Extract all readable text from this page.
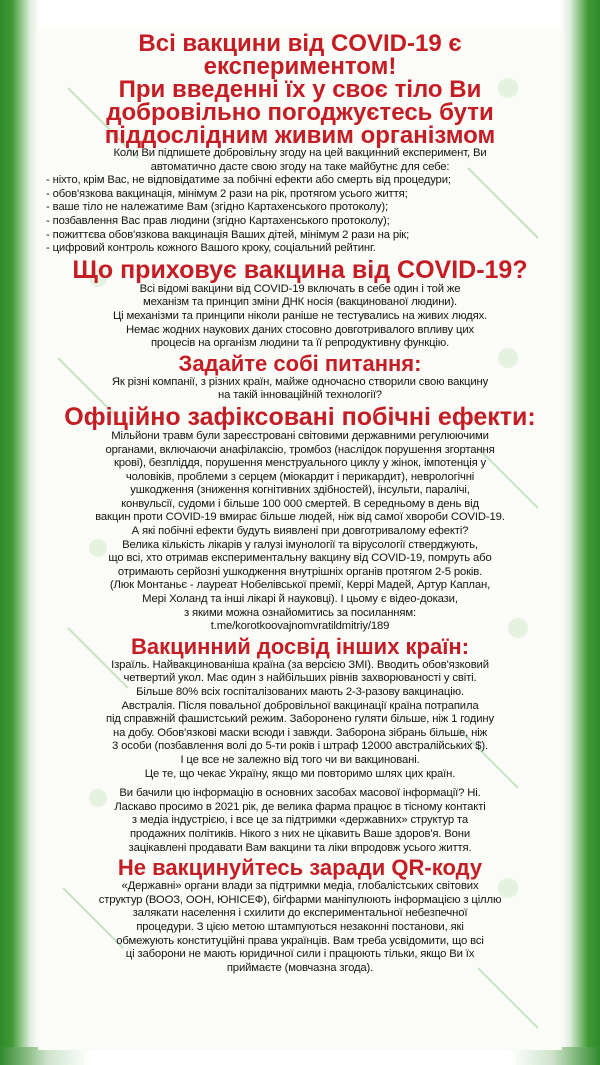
Всі вакцини від COVID-19 є експериментом!

При введенні їх у своє тіло Ви

добровільно погоджуєтесь бути

піддослідним живим організмом

Коли Ви підпишете добровільну згоду на цей вакцинний експеримент, Ви

автоматично дасте свою згоду на таке майбутнє для себе:

- ніхто, крім Вас, не відповідатиме за побічні ефекти або смерть від процедури;

- обов'язкова вакцинація, мінімум 2 рази на рік, протягом усього життя;

- ваше тіло не належатиме Вам (згідно Картахенського протоколу);

- позбавлення Вас прав людини (згідно Картахенського протоколу);

- пожиттєва обов'язкова вакцинація Ваших дітей, мінімум 2 рази на рік;

- цифровий контроль кожного Вашого кроку, соціальний рейтинг.

Що приховує вакцина від COVID-19?

Всі відомі вакцини від COVID-19 включать в себе один і той же

механізм та принцип зміни ДНК носія (вакцинованої людини).

Ці механізми та принципи ніколи раніше не тестувались на живих людях.

Немає жодних наукових даних стосовно довготривалого впливу цих

процесів на організм людини та її репродуктивну функцію.

Задайте собі питання:

Як різні компанії, з різних країн, майже одночасно створили свою вакцину

на такій інноваційній технології?

Офіційно зафіксовані побічні ефекти:

Мільйони травм були зареєстровані світовими державними регулюючими

органами, включаючи анафілаксію, тромбоз (наслідок порушення згортання

крові), безпліддя, порушення менструального циклу у жінок, імпотенція у

чоловіків, проблеми з серцем (міокардит і перикардит), неврологічні

ушкодження (зниження когнітивних здібностей), інсульти, паралічі,

конвульсії, судоми і більше 100 000 смертей. В середньому в день від

вакцин проти COVID-19 вмирає більше людей, ніж від самої хвороби COVID-19.

А які побічні ефекти будуть виявлені при довготривалому ефекті?

Велика кількість лікарів у галузі імунології та вірусології стверджують,

що всі, хто отримав експериментальну вакцину від COVID-19, помруть або

отримають серйозні ушкодження внутрішніх органів протягом 2-5 років.

(Люк Монтаньє - лауреат Нобелівської премії, Керрі Мадей, Артур Каплан,

Мері Холанд та інші лікарі й науковці). І цьому є відео-докази,

з якими можна ознайомитись за посиланням:

t.me/korotkoovajnomvratildmitriy/189

Вакцинний досвід інших країн:

Ізраїль. Найвакцинованіша країна (за версією ЗМІ). Вводить обов'язковий

четвертий укол. Має один з найбільших рівнів захворюваності у світі.

Більше 80% всіх госпіталізованих мають 2-3-разову вакцинацію.

Австралія. Після повальної добровільної вакцинації країна потрапила

під справжній фашистський режим. Заборонено гуляти більше, ніж 1 годину

на добу. Обов'язкові маски всюди і завжди. Заборона зібрань більше, ніж

3 особи (позбавлення волі до 5-ти років і штраф 12000 австралійських $).

І це все не залежно від того чи ви вакциновані.

Це те, що чекає Україну, якщо ми повторимо шлях цих країн.

Ви бачили цю інформацію в основних засобах масової інформації? Ні.

Ласкаво просимо в 2021 рік, де велика фарма працює в тісному контакті

з медіа індустрією, і все це за підтримки «державних» структур та

продажних політиків. Нікого з них не цікавить Ваше здоров'я. Вони

зацікавлені продавати Вам вакцини та ліки впродовж усього життя.

Не вакцинуйтесь заради QR-коду

«Державні» органи влади за підтримки медіа, глобалістських світових

структур (ВООЗ, ООН, ЮНІСЕФ), біґфарми маніпулюють інформацією з ціллю

залякати населення і схилити до експериментальної небезпечної

процедури. З цією метою штампуються незаконні постанови, які

обмежують конституційні права українців. Вам треба усвідомити, що всі

ці заборони не мають юридичної сили і працюють тільки, якщо Ви їх

приймаєте (мовчазна згода).
